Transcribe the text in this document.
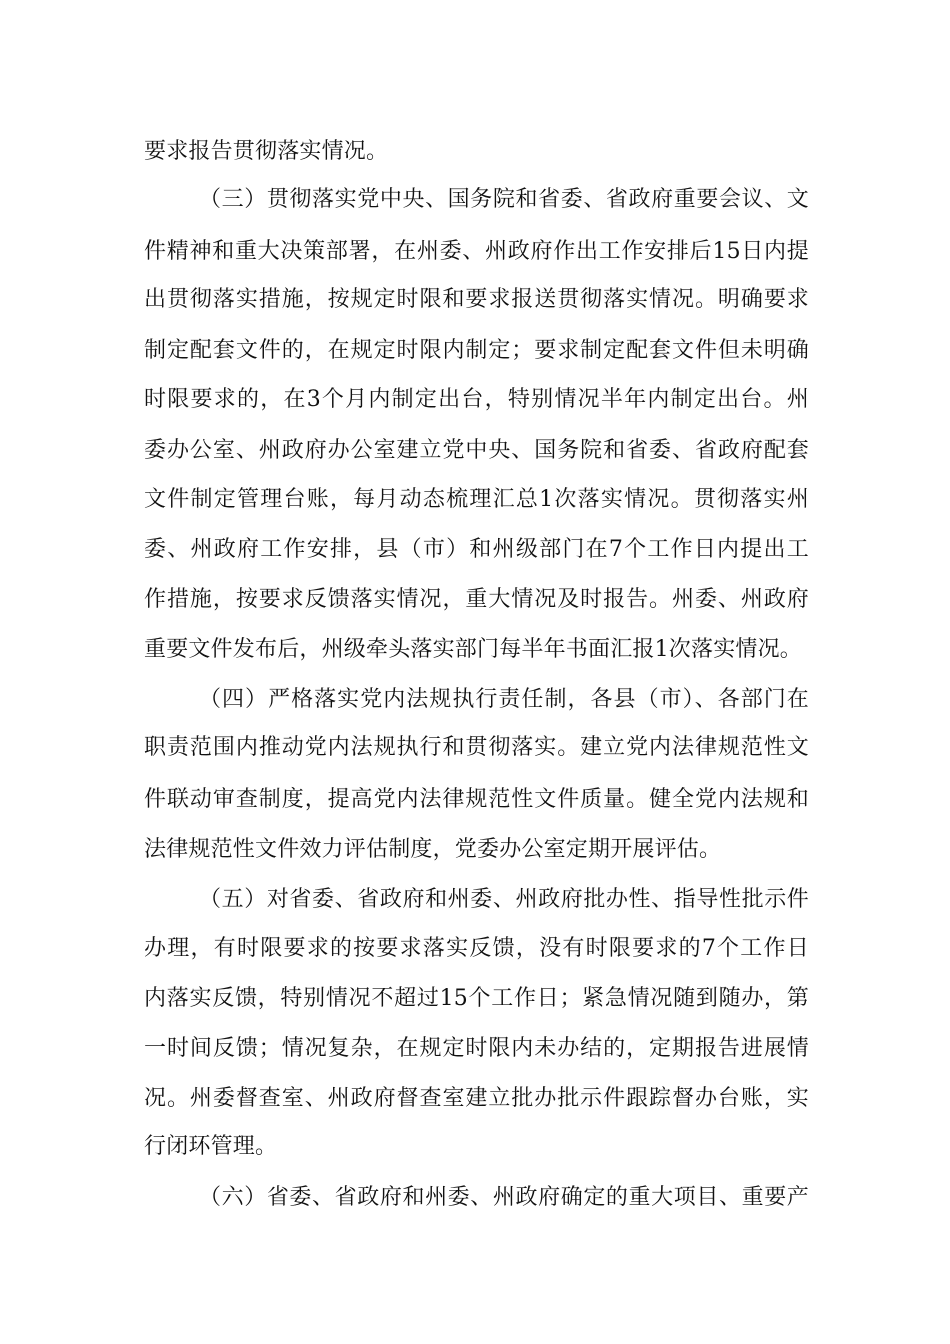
要求报告贯彻落实情况。
（三）贯彻落实党中央、国务院和省委、省政府重要会议、文
件精神和重大决策部署，在州委、州政府作出工作安排后15日内提
出贯彻落实措施，按规定时限和要求报送贯彻落实情况。明确要求
制定配套文件的，在规定时限内制定；要求制定配套文件但未明确
时限要求的，在3个月内制定出台，特别情况半年内制定出台。州
委办公室、州政府办公室建立党中央、国务院和省委、省政府配套
文件制定管理台账，每月动态梳理汇总1次落实情况。贯彻落实州
委、州政府工作安排，县（市）和州级部门在7个工作日内提出工
作措施，按要求反馈落实情况，重大情况及时报告。州委、州政府
重要文件发布后，州级牵头落实部门每半年书面汇报1次落实情况。
（四）严格落实党内法规执行责任制，各县（市）、各部门在
职责范围内推动党内法规执行和贯彻落实。建立党内法律规范性文
件联动审查制度，提高党内法律规范性文件质量。健全党内法规和
法律规范性文件效力评估制度，党委办公室定期开展评估。
（五）对省委、省政府和州委、州政府批办性、指导性批示件
办理，有时限要求的按要求落实反馈，没有时限要求的7个工作日
内落实反馈，特别情况不超过15个工作日；紧急情况随到随办，第
一时间反馈；情况复杂，在规定时限内未办结的，定期报告进展情
况。州委督查室、州政府督查室建立批办批示件跟踪督办台账，实
行闭环管理。
（六）省委、省政府和州委、州政府确定的重大项目、重要产
